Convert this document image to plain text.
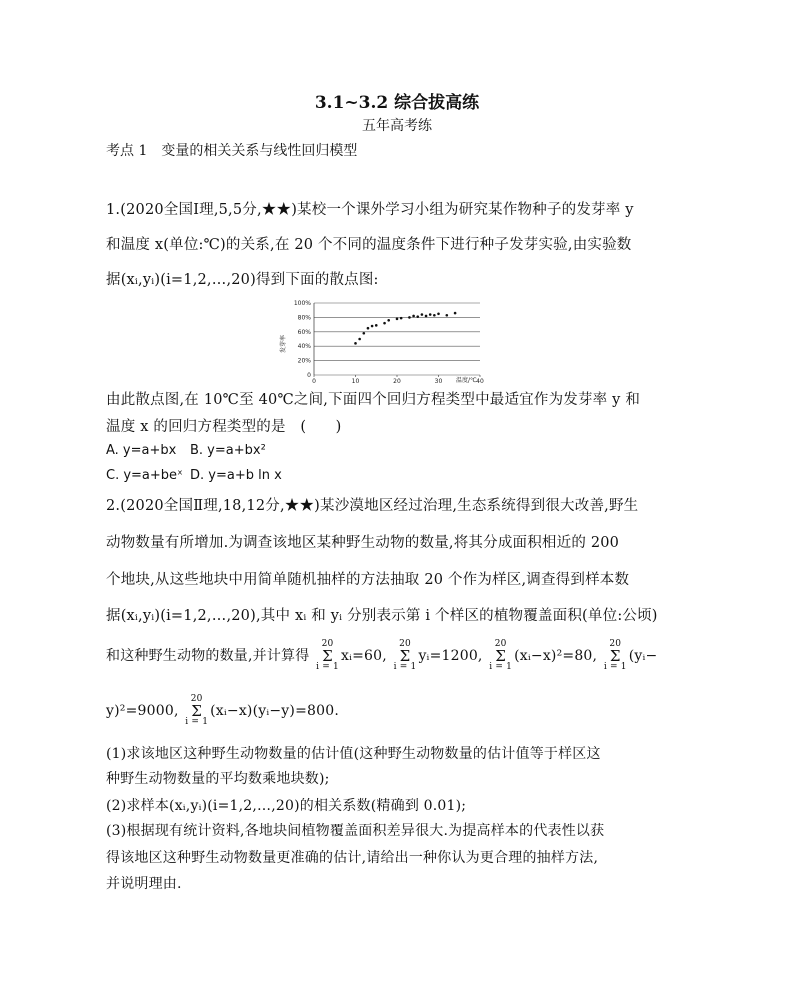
3.1~3.2 综合拔高练
五年高考练
考点 1　变量的相关关系与线性回归模型
1.(2020全国Ⅰ理,5,5分,★★)某校一个课外学习小组为研究某作物种子的发芽率 y
和温度 x(单位:℃)的关系,在 20 个不同的温度条件下进行种子发芽实验,由实验数
据(xᵢ,yᵢ)(i=1,2,…,20)得到下面的散点图:
0
20%
40%
60%
80%
100%
0	10	20	30	40
发芽率
温度/℃
由此散点图,在 10℃至 40℃之间,下面四个回归方程类型中最适宜作为发芽率 y 和
温度 x 的回归方程类型的是　(　　)
A. y=a+bx B. y=a+bx²
C. y=a+beˣ D. y=a+b ln x
2.(2020全国Ⅱ理,18,12分,★★)某沙漠地区经过治理,生态系统得到很大改善,野生
动物数量有所增加.为调查该地区某种野生动物的数量,将其分成面积相近的 200
个地块,从这些地块中用简单随机抽样的方法抽取 20 个作为样区,调查得到样本数
据(xᵢ,yᵢ)(i=1,2,…,20),其中 xᵢ 和 yᵢ 分别表示第 i 个样区的植物覆盖面积(单位:公顷)
和这种野生动物的数量,并计算得 20
Σ
i = 1xᵢ=60, 20
Σ
i = 1yᵢ=1200, 20
Σ
i = 1(xᵢ−x)²=80, 20
Σ
i = 1(yᵢ−
y)²=9000, 20
Σ
i = 1(xᵢ−x)(yᵢ−y)=800.
(1)求该地区这种野生动物数量的估计值(这种野生动物数量的估计值等于样区这
种野生动物数量的平均数乘地块数);
(2)求样本(xᵢ,yᵢ)(i=1,2,…,20)的相关系数(精确到 0.01);
(3)根据现有统计资料,各地块间植物覆盖面积差异很大.为提高样本的代表性以获
得该地区这种野生动物数量更准确的估计,请给出一种你认为更合理的抽样方法,
并说明理由.
